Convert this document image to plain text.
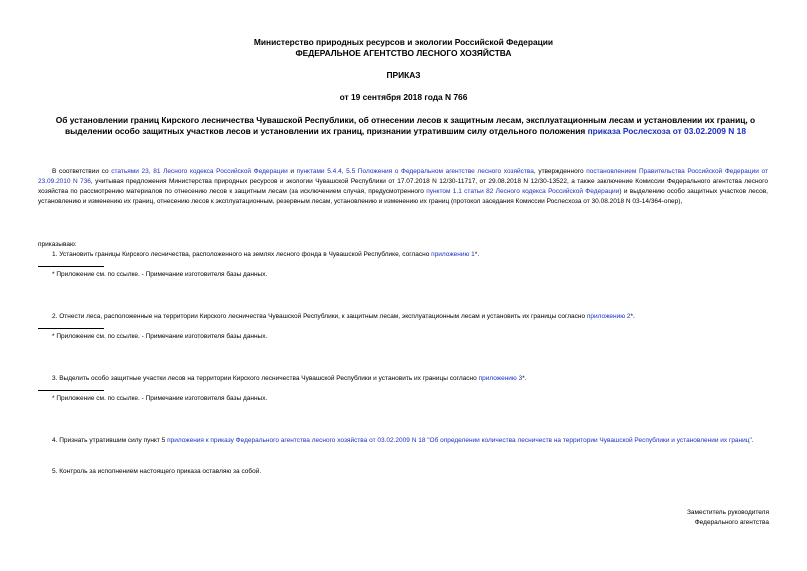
Министерство природных ресурсов и экологии Российской Федерации
ФЕДЕРАЛЬНОЕ АГЕНТСТВО ЛЕСНОГО ХОЗЯЙСТВА
ПРИКАЗ
от 19 сентября 2018 года N 766
Об установлении границ Кирского лесничества Чувашской Республики, об отнесении лесов к защитным лесам, эксплуатационным лесам и установлении их границ, о выделении особо защитных участков лесов и установлении их границ, признании утратившим силу отдельного положения приказа Рослесхоза от 03.02.2009 N 18
В соответствии со статьями 23, 81 Лесного кодекса Российской Федерации и пунктами 5.4.4, 5.5 Положения о Федеральном агентстве лесного хозяйства, утвержденного постановлением Правительства Российской Федерации от 23.09.2010 N 736, учитывая предложения Министерства природных ресурсов и экологии Чувашской Республики от 17.07.2018 N 12/30-11717, от 29.08.2018 N 12/30-13522, а также заключение Комиссии Федерального агентства лесного хозяйства по рассмотрению материалов по отнесению лесов к защитным лесам (за исключением случая, предусмотренного пунктом 1.1 статьи 82 Лесного кодекса Российской Федерации) и выделению особо защитных участков лесов, установлению и изменению их границ, отнесению лесов к эксплуатационным, резервным лесам, установлению и изменению их границ (протокол заседания Комиссии Рослесхоза от 30.08.2018 N 03-14/364-опер),
приказываю:
1. Установить границы Кирского лесничества, расположенного на землях лесного фонда в Чувашской Республике, согласно приложению 1*.
* Приложение см. по ссылке. - Примечание изготовителя базы данных.
2. Отнести леса, расположенные на территории Кирского лесничества Чувашской Республики, к защитным лесам, эксплуатационным лесам и установить их границы согласно приложению 2*.
* Приложение см. по ссылке. - Примечание изготовителя базы данных.
3. Выделить особо защитные участки лесов на территории Кирского лесничества Чувашской Республики и установить их границы согласно приложению 3*.
* Приложение см. по ссылке. - Примечание изготовителя базы данных.
4. Признать утратившим силу пункт 5 приложения к приказу Федерального агентства лесного хозяйства от 03.02.2009 N 18 "Об определении количества лесничеств на территории Чувашской Республики и установлении их границ".
5. Контроль за исполнением настоящего приказа оставляю за собой.
Заместитель руководителя
Федерального агентства
